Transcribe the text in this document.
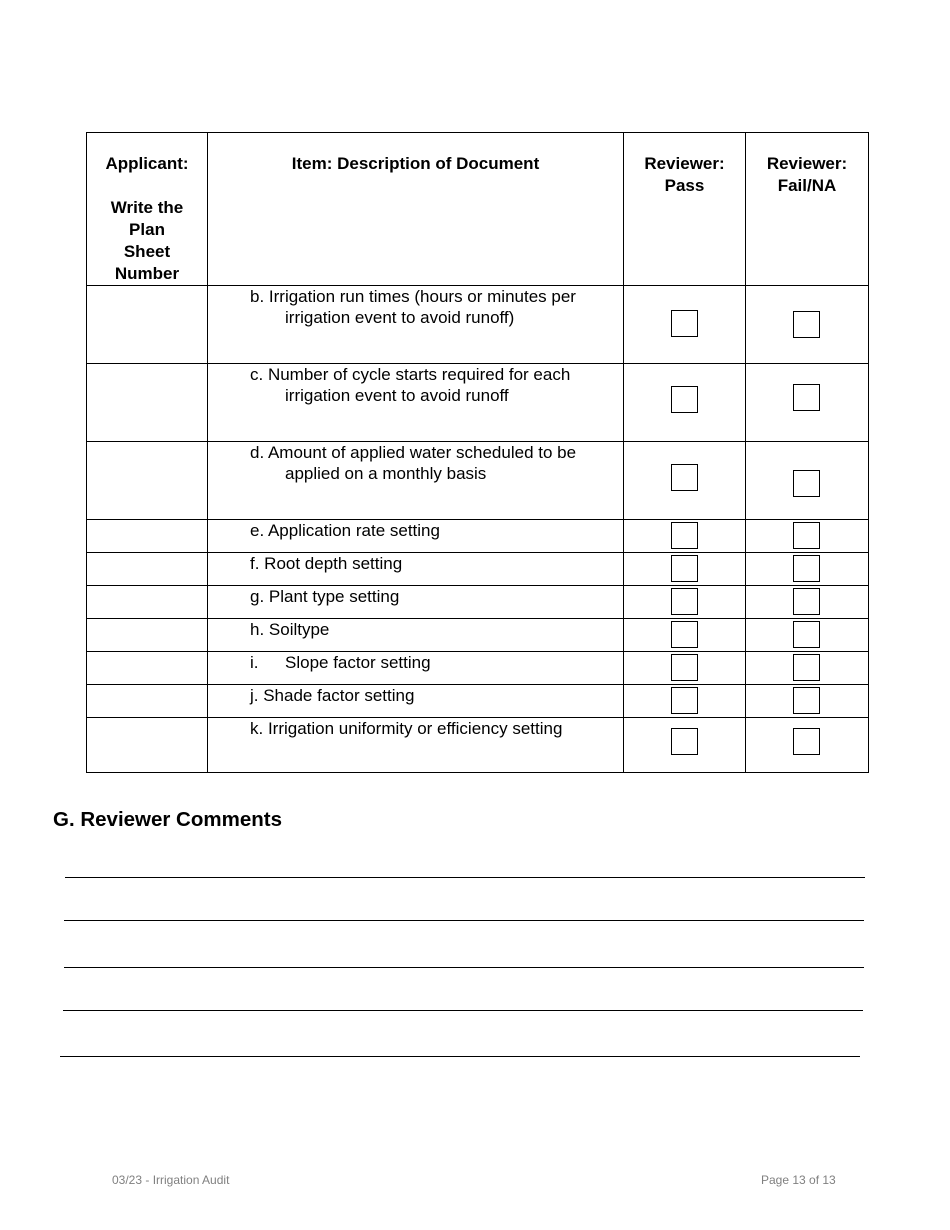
Applicant:
Write the Plan Sheet Number	Item: Description of Document	Reviewer: Pass	Reviewer: Fail/NA

	b. Irrigation run times (hours or minutes per
irrigation event to avoid runoff)		

	c. Number of cycle starts required for each
irrigation event to avoid runoff		

	d. Amount of applied water scheduled to be
applied on a monthly basis		

	e. Application rate setting		

	f. Root depth setting		

	g. Plant type setting		

	h. Soiltype		

	i. Slope factor setting		

	j. Shade factor setting		

	k. Irrigation uniformity or efficiency setting		

G. Reviewer Comments
03/23 - Irrigation Audit	Page 13 of 13
